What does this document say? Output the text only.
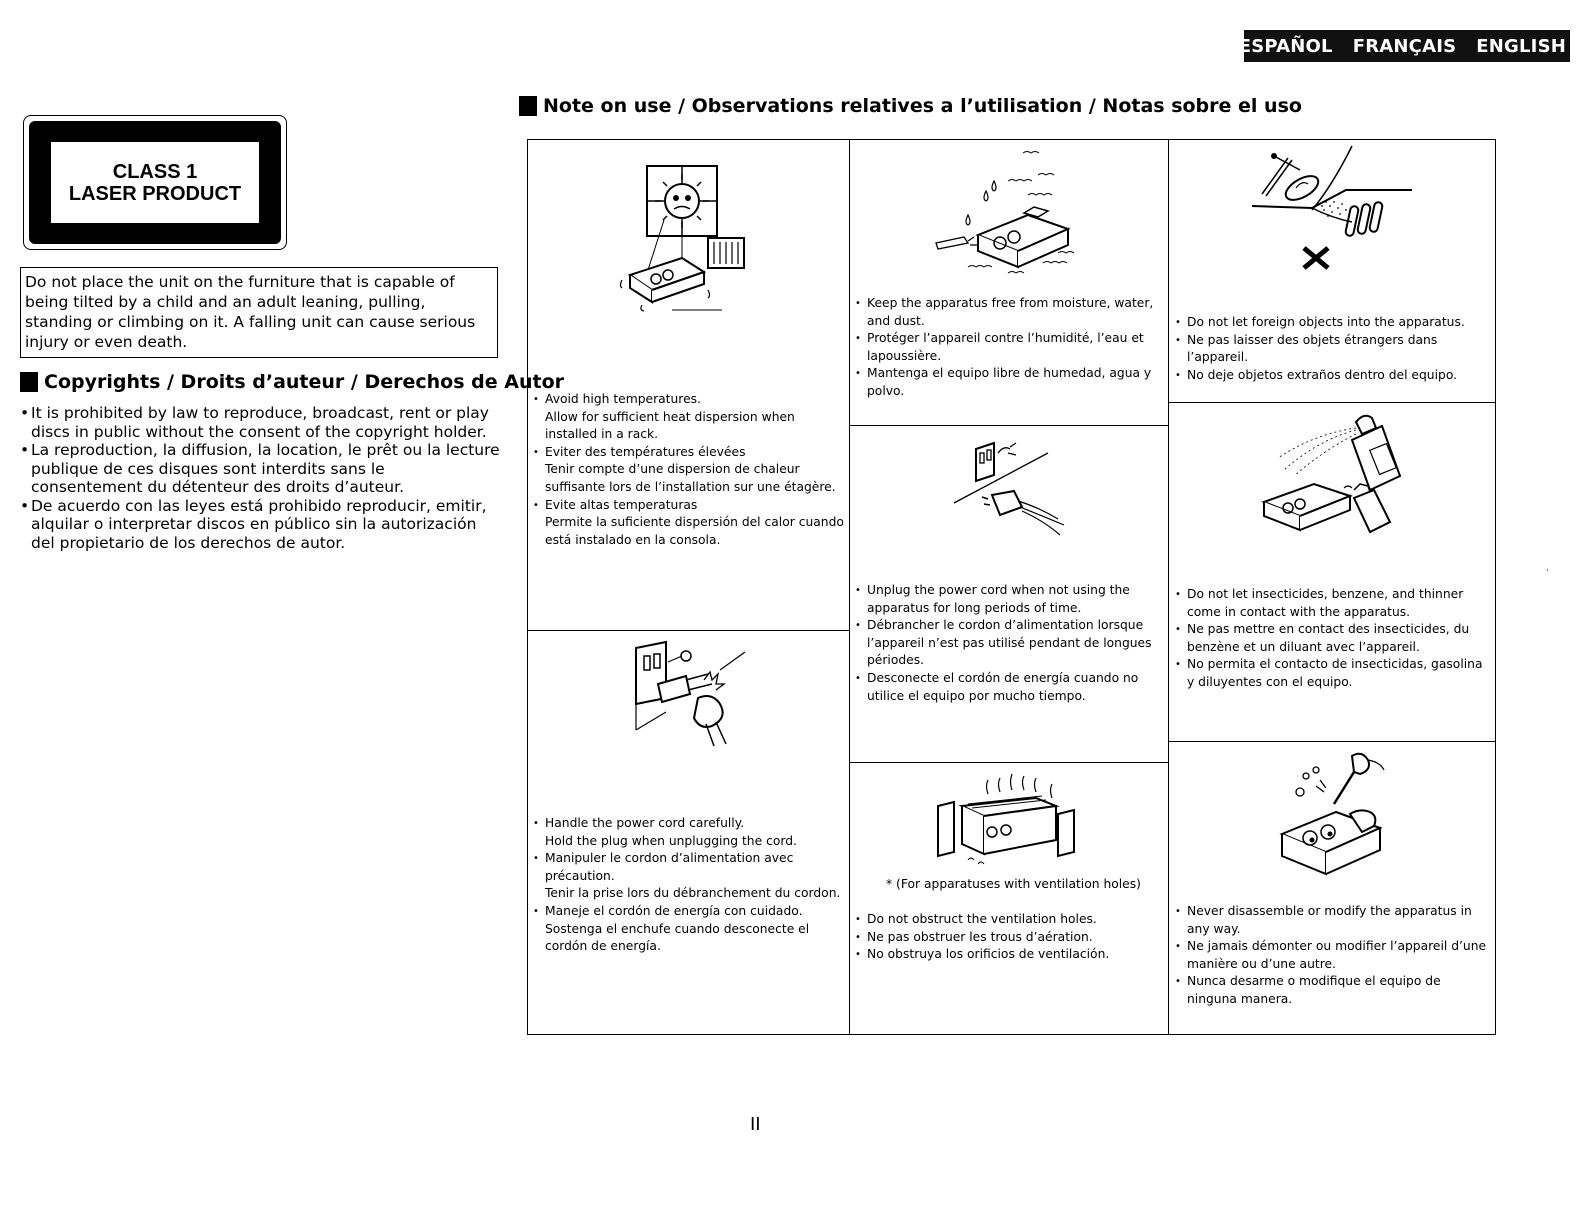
ESPAÑOL FRANÇAIS ENGLISH
CLASS 1
LASER PRODUCT
Do not place the unit on the furniture that is capable of being tilted by a child and an adult leaning, pulling, standing or climbing on it. A falling unit can cause serious injury or even death.
Copyrights / Droits d’auteur / Derechos de Autor
• It is prohibited by law to reproduce, broadcast, rent or play discs in public without the consent of the copyright holder.
• La reproduction, la diffusion, la location, le prêt ou la lecture publique de ces disques sont interdits sans le consentement du détenteur des droits d’auteur.
• De acuerdo con las leyes está prohibido reproducir, emitir, alquilar o interpretar discos en público sin la autorización del propietario de los derechos de autor.
Note on use / Observations relatives a l’utilisation / Notas sobre el uso
• Avoid high temperatures.
Allow for sufficient heat dispersion when installed in a rack.
• Eviter des températures élevées
Tenir compte d’une dispersion de chaleur suffisante lors de l’installation sur une étagère.
• Evite altas temperaturas
Permite la suficiente dispersión del calor cuando está instalado en la consola.
• Handle the power cord carefully.
Hold the plug when unplugging the cord.
• Manipuler le cordon d’alimentation avec précaution.
Tenir la prise lors du débranchement du cordon.
• Maneje el cordón de energía con cuidado.
Sostenga el enchufe cuando desconecte el cordón de energía.
• Keep the apparatus free from moisture, water, and dust.
• Protéger l’appareil contre l’humidité, l’eau et lapoussière.
• Mantenga el equipo libre de humedad, agua y polvo.
• Unplug the power cord when not using the apparatus for long periods of time.
• Débrancher le cordon d’alimentation lorsque l’appareil n’est pas utilisé pendant de longues périodes.
• Desconecte el cordón de energía cuando no utilice el equipo por mucho tiempo.
* (For apparatuses with ventilation holes)
• Do not obstruct the ventilation holes.
• Ne pas obstruer les trous d’aération.
• No obstruya los orificios de ventilación.
• Do not let foreign objects into the apparatus.
• Ne pas laisser des objets étrangers dans l’appareil.
• No deje objetos extraños dentro del equipo.
• Do not let insecticides, benzene, and thinner come in contact with the apparatus.
• Ne pas mettre en contact des insecticides, du benzène et un diluant avec l’appareil.
• No permita el contacto de insecticidas, gasolina y diluyentes con el equipo.
• Never disassemble or modify the apparatus in any way.
• Ne jamais démonter ou modifier l’appareil d’une manière ou d’une autre.
• Nunca desarme o modifique el equipo de ninguna manera.
II
,
